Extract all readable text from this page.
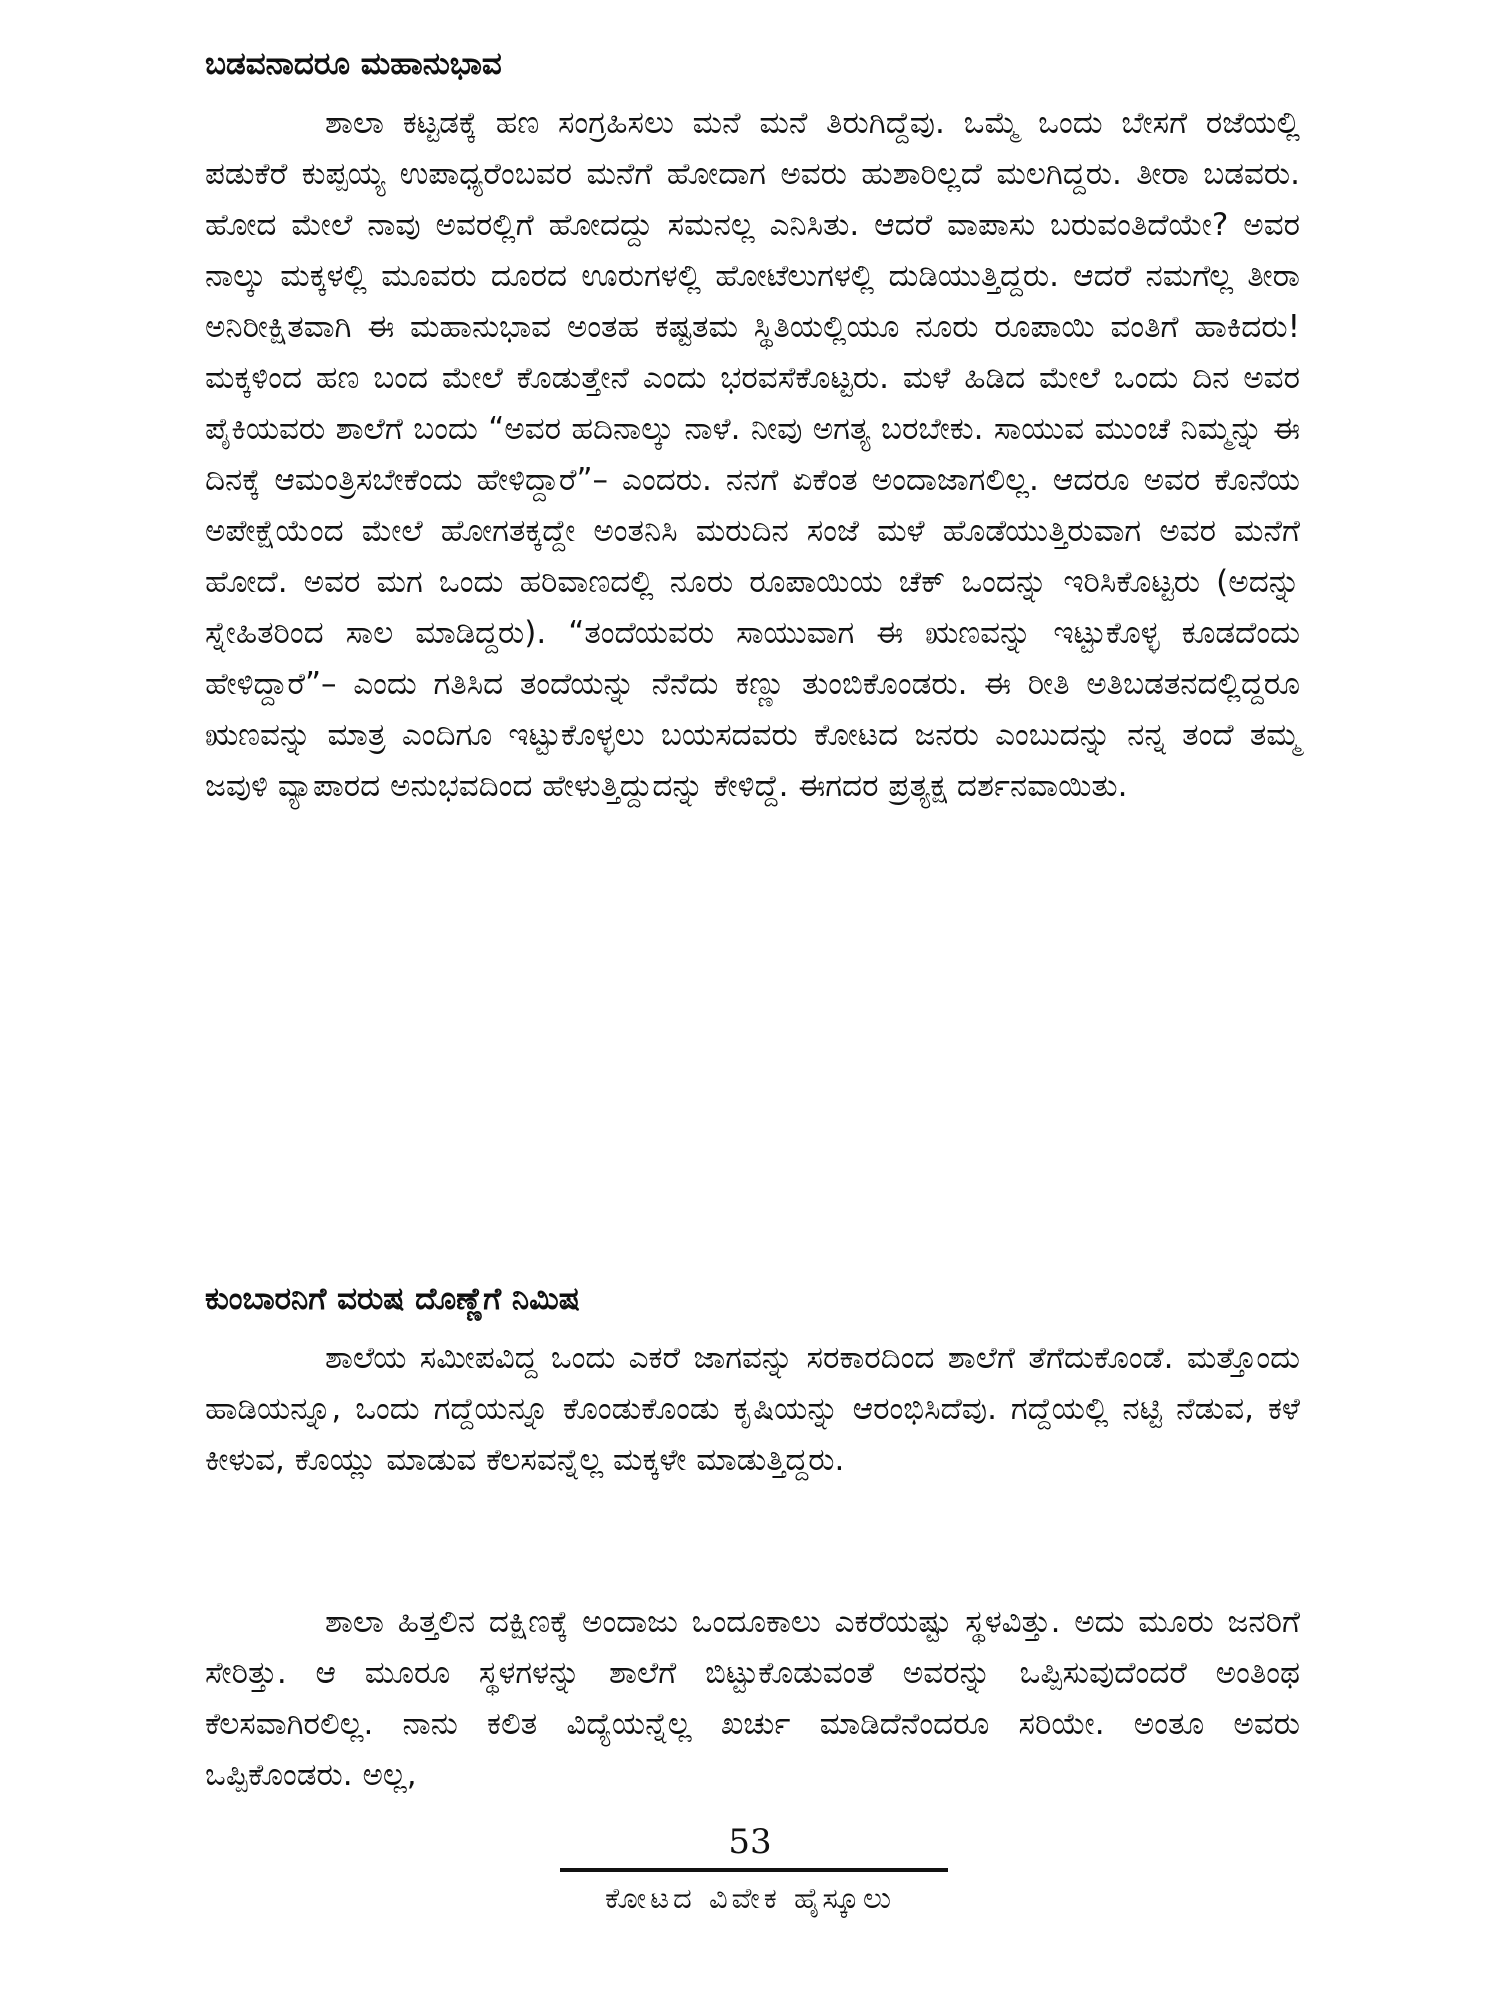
ಬಡವನಾದರೂ ಮಹಾನುಭಾವ

ಶಾಲಾ ಕಟ್ಟಡಕ್ಕೆ ಹಣ ಸಂಗ್ರಹಿಸಲು ಮನೆ ಮನೆ ತಿರುಗಿದ್ದೆವು. ಒಮ್ಮೆ ಒಂದು ಬೇಸಗೆ ರಜೆಯಲ್ಲಿ ಪಡುಕೆರೆ ಕುಪ್ಪಯ್ಯ ಉಪಾಧ್ಯರೆಂಬವರ ಮನೆಗೆ ಹೋದಾಗ ಅವರು ಹುಶಾರಿಲ್ಲದೆ ಮಲಗಿದ್ದರು. ತೀರಾ ಬಡವರು. ಹೋದ ಮೇಲೆ ನಾವು ಅವರಲ್ಲಿಗೆ ಹೋದದ್ದು ಸಮನಲ್ಲ ಎನಿಸಿತು. ಆದರೆ ವಾಪಾಸು ಬರುವಂತಿದೆಯೇ? ಅವರ ನಾಲ್ಕು ಮಕ್ಕಳಲ್ಲಿ ಮೂವರು ದೂರದ ಊರುಗಳಲ್ಲಿ ಹೋಟೆಲುಗಳಲ್ಲಿ ದುಡಿಯುತ್ತಿದ್ದರು. ಆದರೆ ನಮಗೆಲ್ಲ ತೀರಾ ಅನಿರೀಕ್ಷಿತವಾಗಿ ಈ ಮಹಾನುಭಾವ ಅಂತಹ ಕಷ್ಟತಮ ಸ್ಥಿತಿಯಲ್ಲಿಯೂ ನೂರು ರೂಪಾಯಿ ವಂತಿಗೆ ಹಾಕಿದರು! ಮಕ್ಕಳಿಂದ ಹಣ ಬಂದ ಮೇಲೆ ಕೊಡುತ್ತೇನೆ ಎಂದು ಭರವಸೆಕೊಟ್ಟರು. ಮಳೆ ಹಿಡಿದ ಮೇಲೆ ಒಂದು ದಿನ ಅವರ ಪೈಕಿಯವರು ಶಾಲೆಗೆ ಬಂದು “ಅವರ ಹದಿನಾಲ್ಕು ನಾಳೆ. ನೀವು ಅಗತ್ಯ ಬರಬೇಕು. ಸಾಯುವ ಮುಂಚೆ ನಿಮ್ಮನ್ನು ಈ ದಿನಕ್ಕೆ ಆಮಂತ್ರಿಸಬೇಕೆಂದು ಹೇಳಿದ್ದಾರೆ”– ಎಂದರು. ನನಗೆ ಏಕೆಂತ ಅಂದಾಜಾಗಲಿಲ್ಲ. ಆದರೂ ಅವರ ಕೊನೆಯ ಅಪೇಕ್ಷೆಯೆಂದ ಮೇಲೆ ಹೋಗತಕ್ಕದ್ದೇ ಅಂತನಿಸಿ ಮರುದಿನ ಸಂಜೆ ಮಳೆ ಹೊಡೆಯುತ್ತಿರುವಾಗ ಅವರ ಮನೆಗೆ ಹೋದೆ. ಅವರ ಮಗ ಒಂದು ಹರಿವಾಣದಲ್ಲಿ ನೂರು ರೂಪಾಯಿಯ ಚೆಕ್ ಒಂದನ್ನು ಇರಿಸಿಕೊಟ್ಟರು (ಅದನ್ನು ಸ್ನೇಹಿತರಿಂದ ಸಾಲ ಮಾಡಿದ್ದರು). “ತಂದೆಯವರು ಸಾಯುವಾಗ ಈ ಋಣವನ್ನು ಇಟ್ಟುಕೊಳ್ಳ ಕೂಡದೆಂದು ಹೇಳಿದ್ದಾರೆ”– ಎಂದು ಗತಿಸಿದ ತಂದೆಯನ್ನು ನೆನೆದು ಕಣ್ಣು ತುಂಬಿಕೊಂಡರು. ಈ ರೀತಿ ಅತಿಬಡತನದಲ್ಲಿದ್ದರೂ ಋಣವನ್ನು ಮಾತ್ರ ಎಂದಿಗೂ ಇಟ್ಟುಕೊಳ್ಳಲು ಬಯಸದವರು ಕೋಟದ ಜನರು ಎಂಬುದನ್ನು ನನ್ನ ತಂದೆ ತಮ್ಮ ಜವುಳಿ ವ್ಯಾಪಾರದ ಅನುಭವದಿಂದ ಹೇಳುತ್ತಿದ್ದುದನ್ನು ಕೇಳಿದ್ದೆ. ಈಗದರ ಪ್ರತ್ಯಕ್ಷ ದರ್ಶನವಾಯಿತು.

ಕುಂಬಾರನಿಗೆ ವರುಷ ದೊಣ್ಣೆಗೆ ನಿಮಿಷ

ಶಾಲೆಯ ಸಮೀಪವಿದ್ದ ಒಂದು ಎಕರೆ ಜಾಗವನ್ನು ಸರಕಾರದಿಂದ ಶಾಲೆಗೆ ತೆಗೆದುಕೊಂಡೆ. ಮತ್ತೊಂದು ಹಾಡಿಯನ್ನೂ, ಒಂದು ಗದ್ದೆಯನ್ನೂ ಕೊಂಡುಕೊಂಡು ಕೃಷಿಯನ್ನು ಆರಂಭಿಸಿದೆವು. ಗದ್ದೆಯಲ್ಲಿ ನಟ್ಟಿ ನೆಡುವ, ಕಳೆ ಕೀಳುವ, ಕೊಯ್ಲು ಮಾಡುವ ಕೆಲಸವನ್ನೆಲ್ಲ ಮಕ್ಕಳೇ ಮಾಡುತ್ತಿದ್ದರು.

ಶಾಲಾ ಹಿತ್ತಲಿನ ದಕ್ಷಿಣಕ್ಕೆ ಅಂದಾಜು ಒಂದೂಕಾಲು ಎಕರೆಯಷ್ಟು ಸ್ಥಳವಿತ್ತು. ಅದು ಮೂರು ಜನರಿಗೆ ಸೇರಿತ್ತು. ಆ ಮೂರೂ ಸ್ಥಳಗಳನ್ನು ಶಾಲೆಗೆ ಬಿಟ್ಟುಕೊಡುವಂತೆ ಅವರನ್ನು ಒಪ್ಪಿಸುವುದೆಂದರೆ ಅಂತಿಂಥ ಕೆಲಸವಾಗಿರಲಿಲ್ಲ. ನಾನು ಕಲಿತ ವಿದ್ಯೆಯನ್ನೆಲ್ಲ ಖರ್ಚು ಮಾಡಿದೆನೆಂದರೂ ಸರಿಯೇ. ಅಂತೂ ಅವರು ಒಪ್ಪಿಕೊಂಡರು. ಅಲ್ಲ,

53
ಕೋಟದ ವಿವೇಕ ಹೈಸ್ಕೂಲು
